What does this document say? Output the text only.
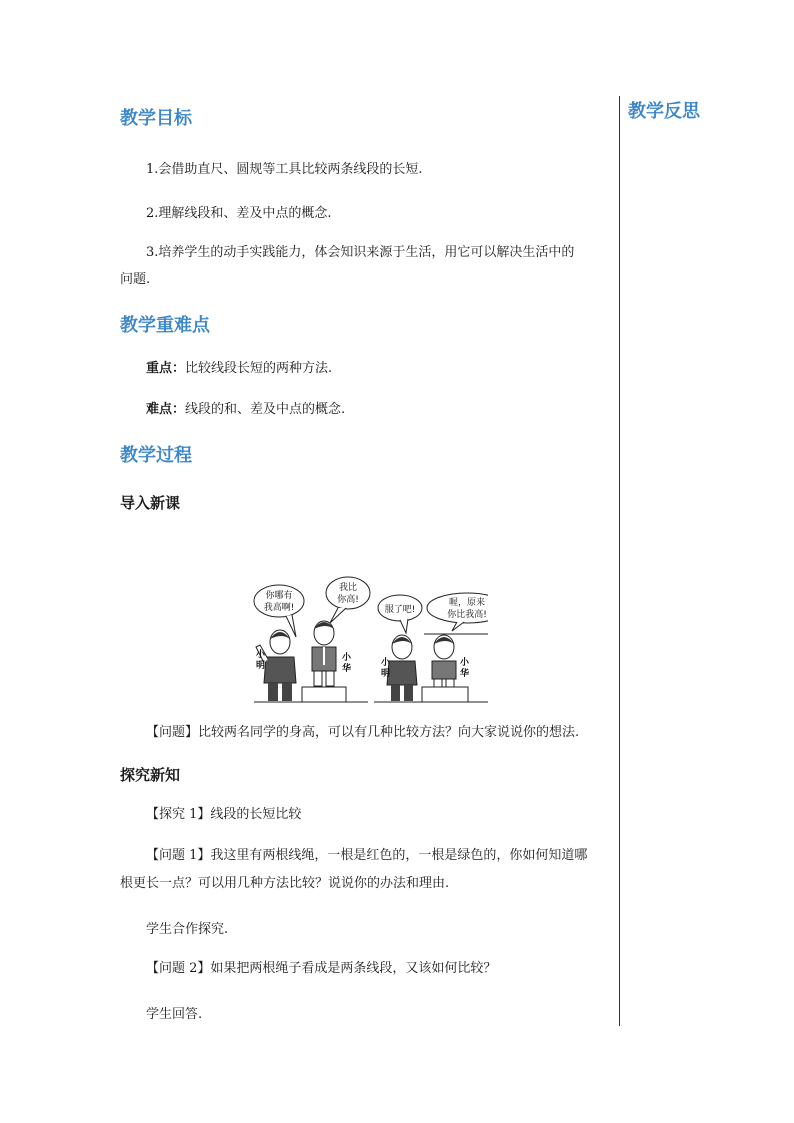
教学反思
教学目标
1.会借助直尺、圆规等工具比较两条线段的长短.
2.理解线段和、差及中点的概念.
3.培养学生的动手实践能力，体会知识来源于生活，用它可以解决生活中的
问题.
教学重难点
重点：比较线段长短的两种方法.
难点：线段的和、差及中点的概念.
教学过程
导入新课
你哪有
我高啊!
我比
你高!
服了吧!
喔，原来
你比我高!
小
明
小
华
小
明
小
华
【问题】比较两名同学的身高，可以有几种比较方法？向大家说说你的想法.
探究新知
【探究 1】线段的长短比较
【问题 1】我这里有两根线绳，一根是红色的，一根是绿色的，你如何知道哪
根更长一点？可以用几种方法比较？说说你的办法和理由.
学生合作探究.
【问题 2】如果把两根绳子看成是两条线段，又该如何比较？
学生回答.
